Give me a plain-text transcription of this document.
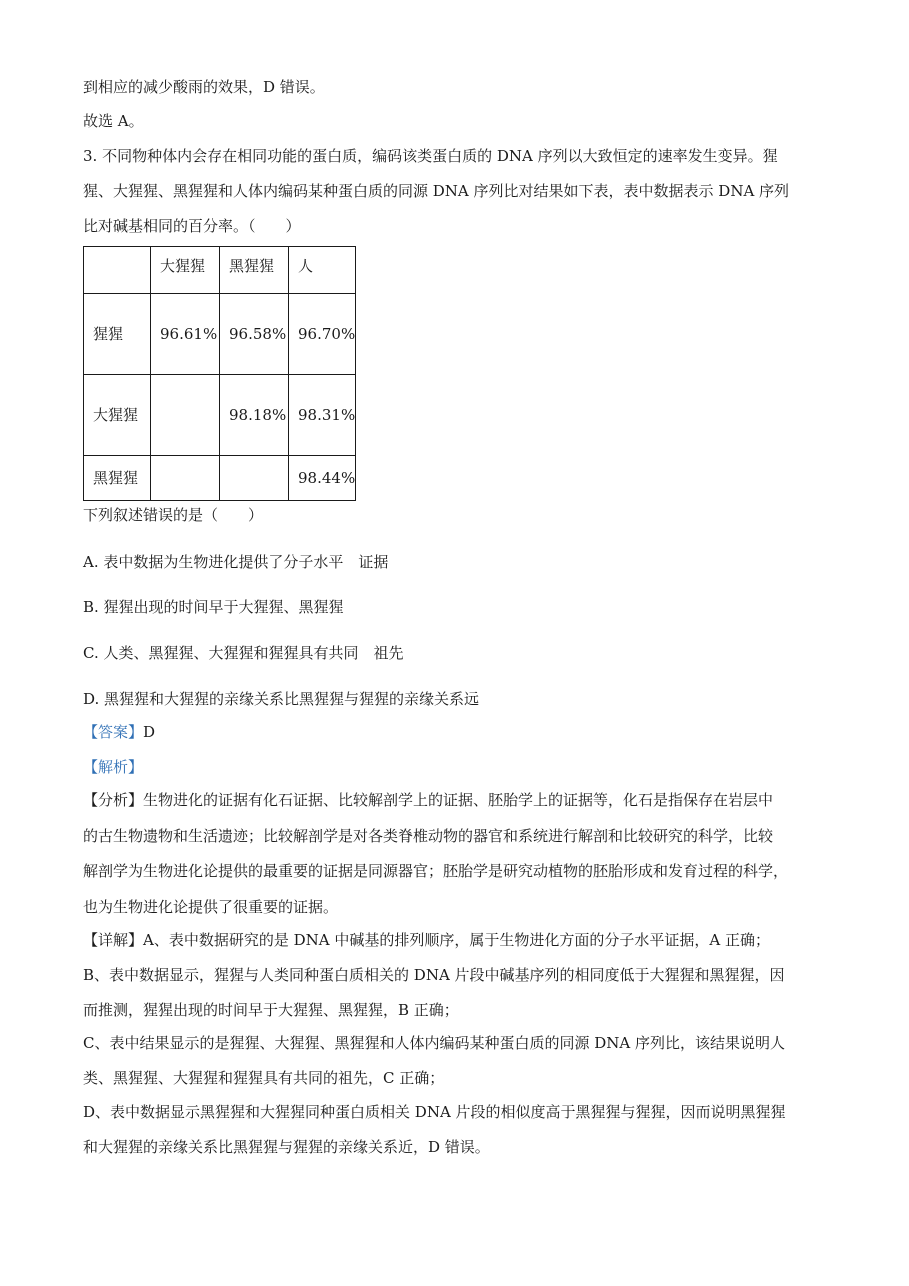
到相应的减少酸雨的效果，D 错误。
故选 A。
3. 不同物种体内会存在相同功能的蛋白质，编码该类蛋白质的 DNA 序列以大致恒定的速率发生变异。猩
猩、大猩猩、黑猩猩和人体内编码某种蛋白质的同源 DNA 序列比对结果如下表，表中数据表示 DNA 序列
比对碱基相同的百分率。（　　）
	大猩猩	黑猩猩	人
猩猩	96.61%	96.58%	96.70%
大猩猩		98.18%	98.31%
黑猩猩			98.44%
下列叙述错误的是（　　）
A. 表中数据为生物进化提供了分子水平　证据
B. 猩猩出现的时间早于大猩猩、黑猩猩
C. 人类、黑猩猩、大猩猩和猩猩具有共同　祖先
D. 黑猩猩和大猩猩的亲缘关系比黑猩猩与猩猩的亲缘关系远
【答案】D
【解析】
【分析】生物进化的证据有化石证据、比较解剖学上的证据、胚胎学上的证据等，化石是指保存在岩层中
的古生物遗物和生活遗迹；比较解剖学是对各类脊椎动物的器官和系统进行解剖和比较研究的科学，比较
解剖学为生物进化论提供的最重要的证据是同源器官；胚胎学是研究动植物的胚胎形成和发育过程的科学，
也为生物进化论提供了很重要的证据。
【详解】A、表中数据研究的是 DNA 中碱基的排列顺序，属于生物进化方面的分子水平证据，A 正确；
B、表中数据显示，猩猩与人类同种蛋白质相关的 DNA 片段中碱基序列的相同度低于大猩猩和黑猩猩，因
而推测，猩猩出现的时间早于大猩猩、黑猩猩，B 正确；
C、表中结果显示的是猩猩、大猩猩、黑猩猩和人体内编码某种蛋白质的同源 DNA 序列比，该结果说明人
类、黑猩猩、大猩猩和猩猩具有共同的祖先，C 正确；
D、表中数据显示黑猩猩和大猩猩同种蛋白质相关 DNA 片段的相似度高于黑猩猩与猩猩，因而说明黑猩猩
和大猩猩的亲缘关系比黑猩猩与猩猩的亲缘关系近，D 错误。
